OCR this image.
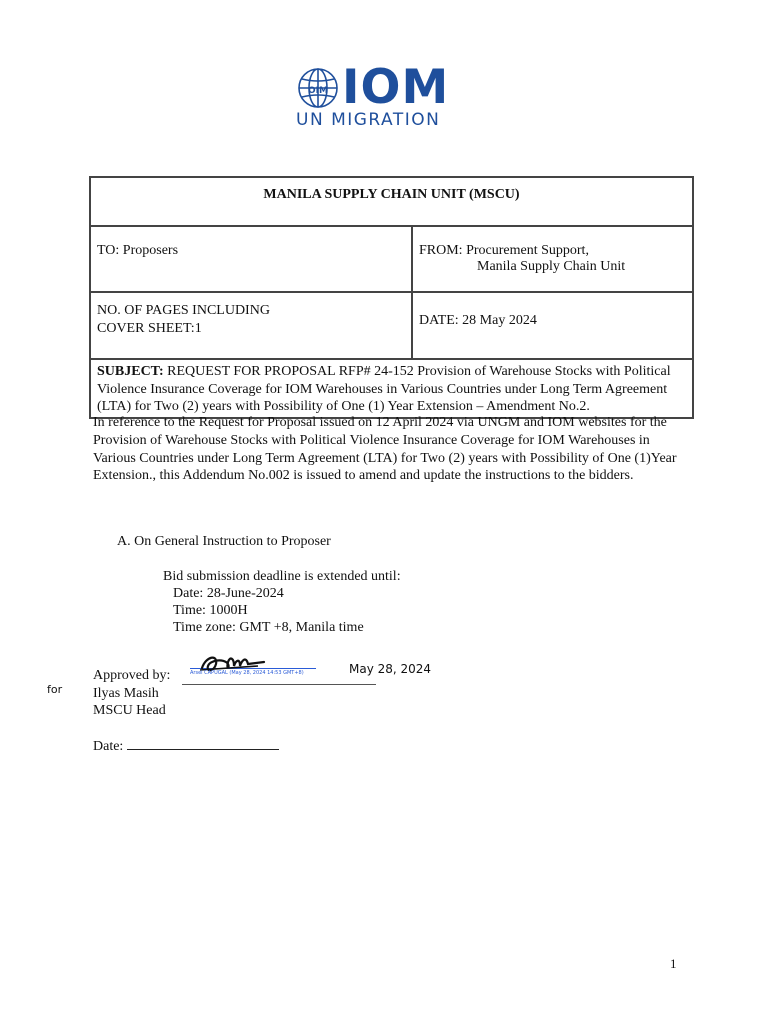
OIM IOM
UN MIGRATION
MANILA SUPPLY CHAIN UNIT (MSCU)	
TO: Proposers	FROM: Procurement Support,
Manila Supply Chain Unit

NO. OF PAGES INCLUDING
COVER SHEET:1	DATE: 28 May 2024
SUBJECT: REQUEST FOR PROPOSAL RFP# 24-152 Provision of Warehouse Stocks with Political Violence Insurance Coverage for IOM Warehouses in Various Countries under Long Term Agreement (LTA) for Two (2) years with Possibility of One (1) Year Extension – Amendment No.2.	
In reference to the Request for Proposal issued on 12 April 2024 via UNGM and IOM websites for the Provision of Warehouse Stocks with Political Violence Insurance Coverage for IOM Warehouses in Various Countries under Long Term Agreement (LTA) for Two (2) years with Possibility of One (1)Year Extension., this Addendum No.002 is issued to amend and update the instructions to the bidders.
A. On General Instruction to Proposer
Bid submission deadline is extended until:
Date: 28-June-2024
Time: 1000H
Time zone: GMT +8, Manila time
May 28, 2024
Arsel CAPUGAL (May 28, 2024 14:53 GMT+8)
Approved by:
for Ilyas Masih
MSCU Head
Date:
1
